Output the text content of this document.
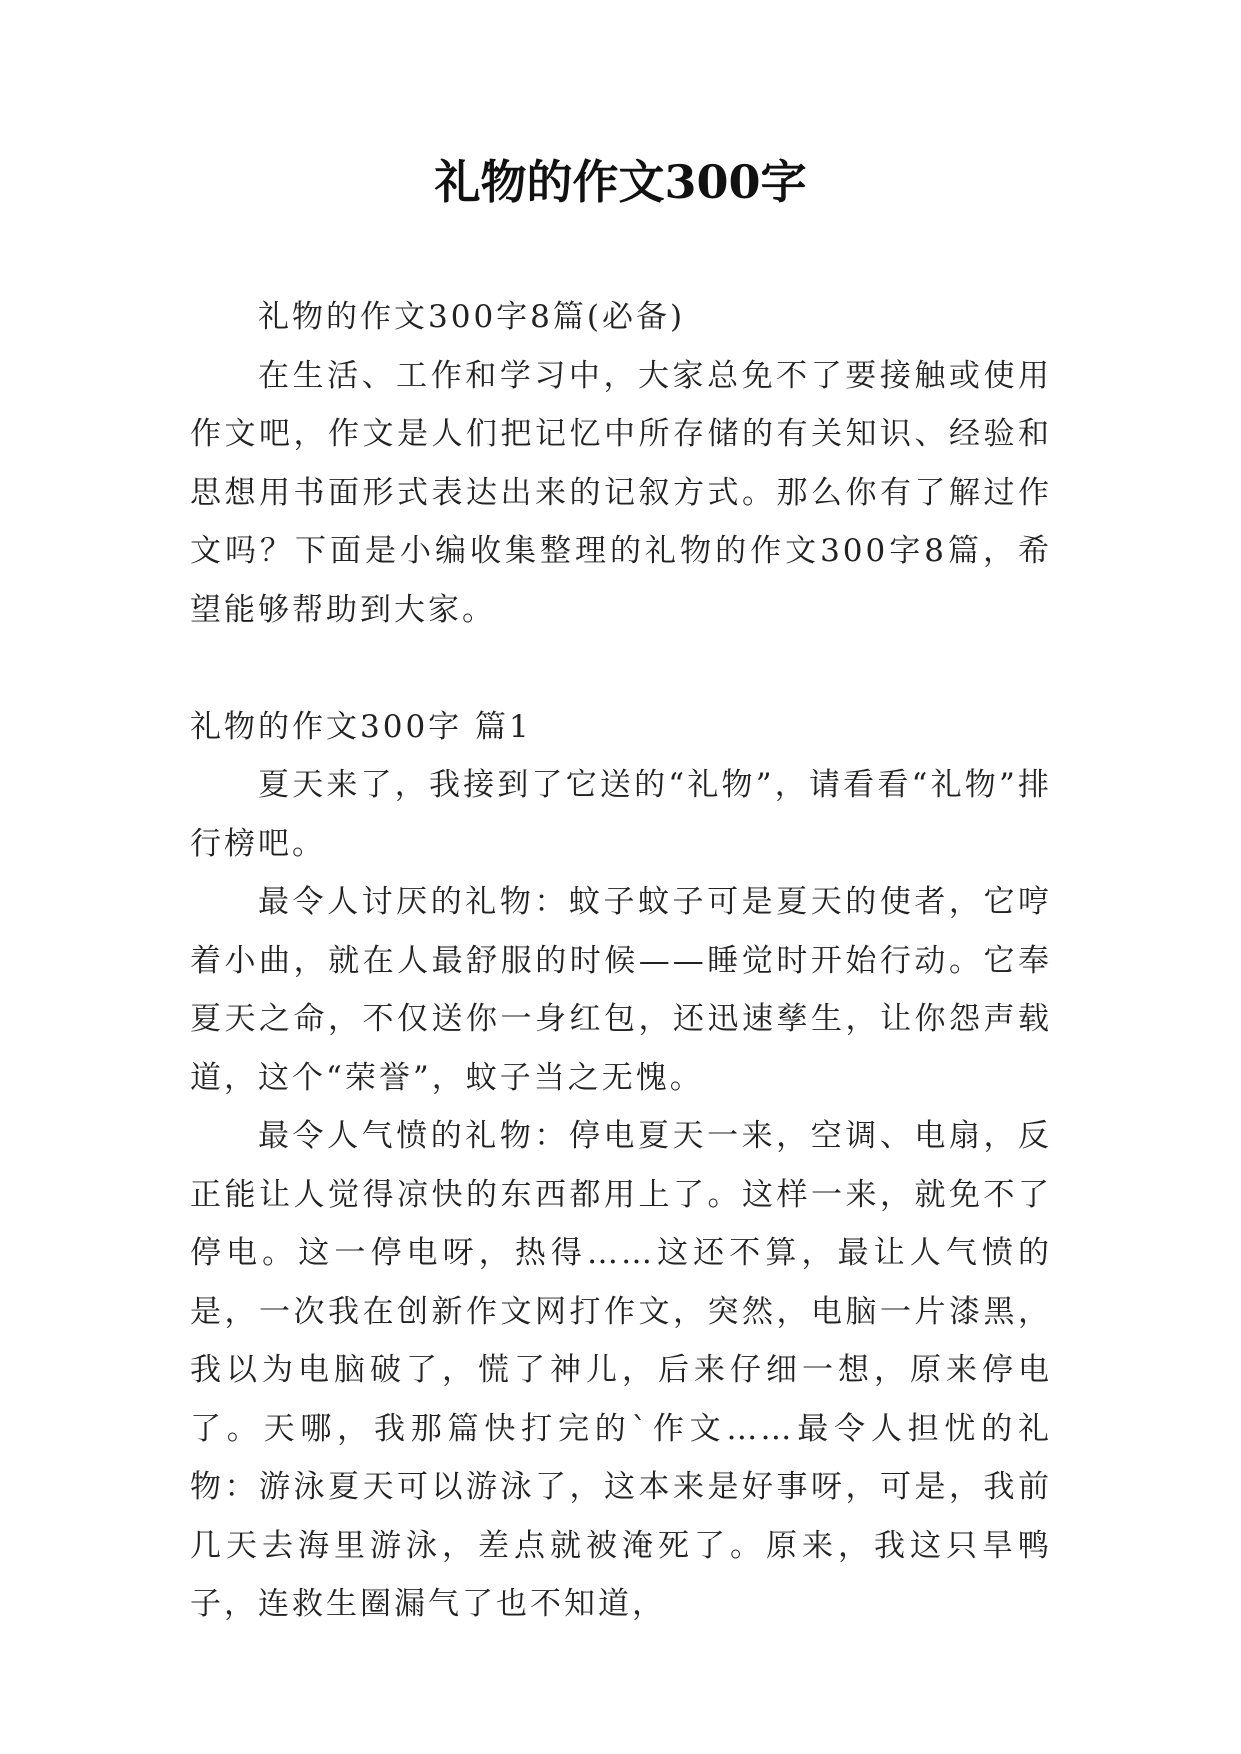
礼物的作文300字

礼物的作文300字8篇(必备)

在生活、工作和学习中，大家总免不了要接触或使用作文吧，作文是人们把记忆中所存储的有关知识、经验和思想用书面形式表达出来的记叙方式。那么你有了解过作文吗？下面是小编收集整理的礼物的作文300字8篇，希望能够帮助到大家。

礼物的作文300字 篇1

夏天来了，我接到了它送的“礼物”，请看看“礼物”排行榜吧。

最令人讨厌的礼物：蚊子蚊子可是夏天的使者，它哼着小曲，就在人最舒服的时候——睡觉时开始行动。它奉夏天之命，不仅送你一身红包，还迅速孳生，让你怨声载道，这个“荣誉”，蚊子当之无愧。

最令人气愤的礼物：停电夏天一来，空调、电扇，反正能让人觉得凉快的东西都用上了。这样一来，就免不了停电。这一停电呀，热得……这还不算，最让人气愤的是，一次我在创新作文网打作文，突然，电脑一片漆黑，我以为电脑破了，慌了神儿，后来仔细一想，原来停电了。天哪，我那篇快打完的`作文……最令人担忧的礼物：游泳夏天可以游泳了，这本来是好事呀，可是，我前几天去海里游泳，差点就被淹死了。原来，我这只旱鸭子，连救生圈漏气了也不知道，
